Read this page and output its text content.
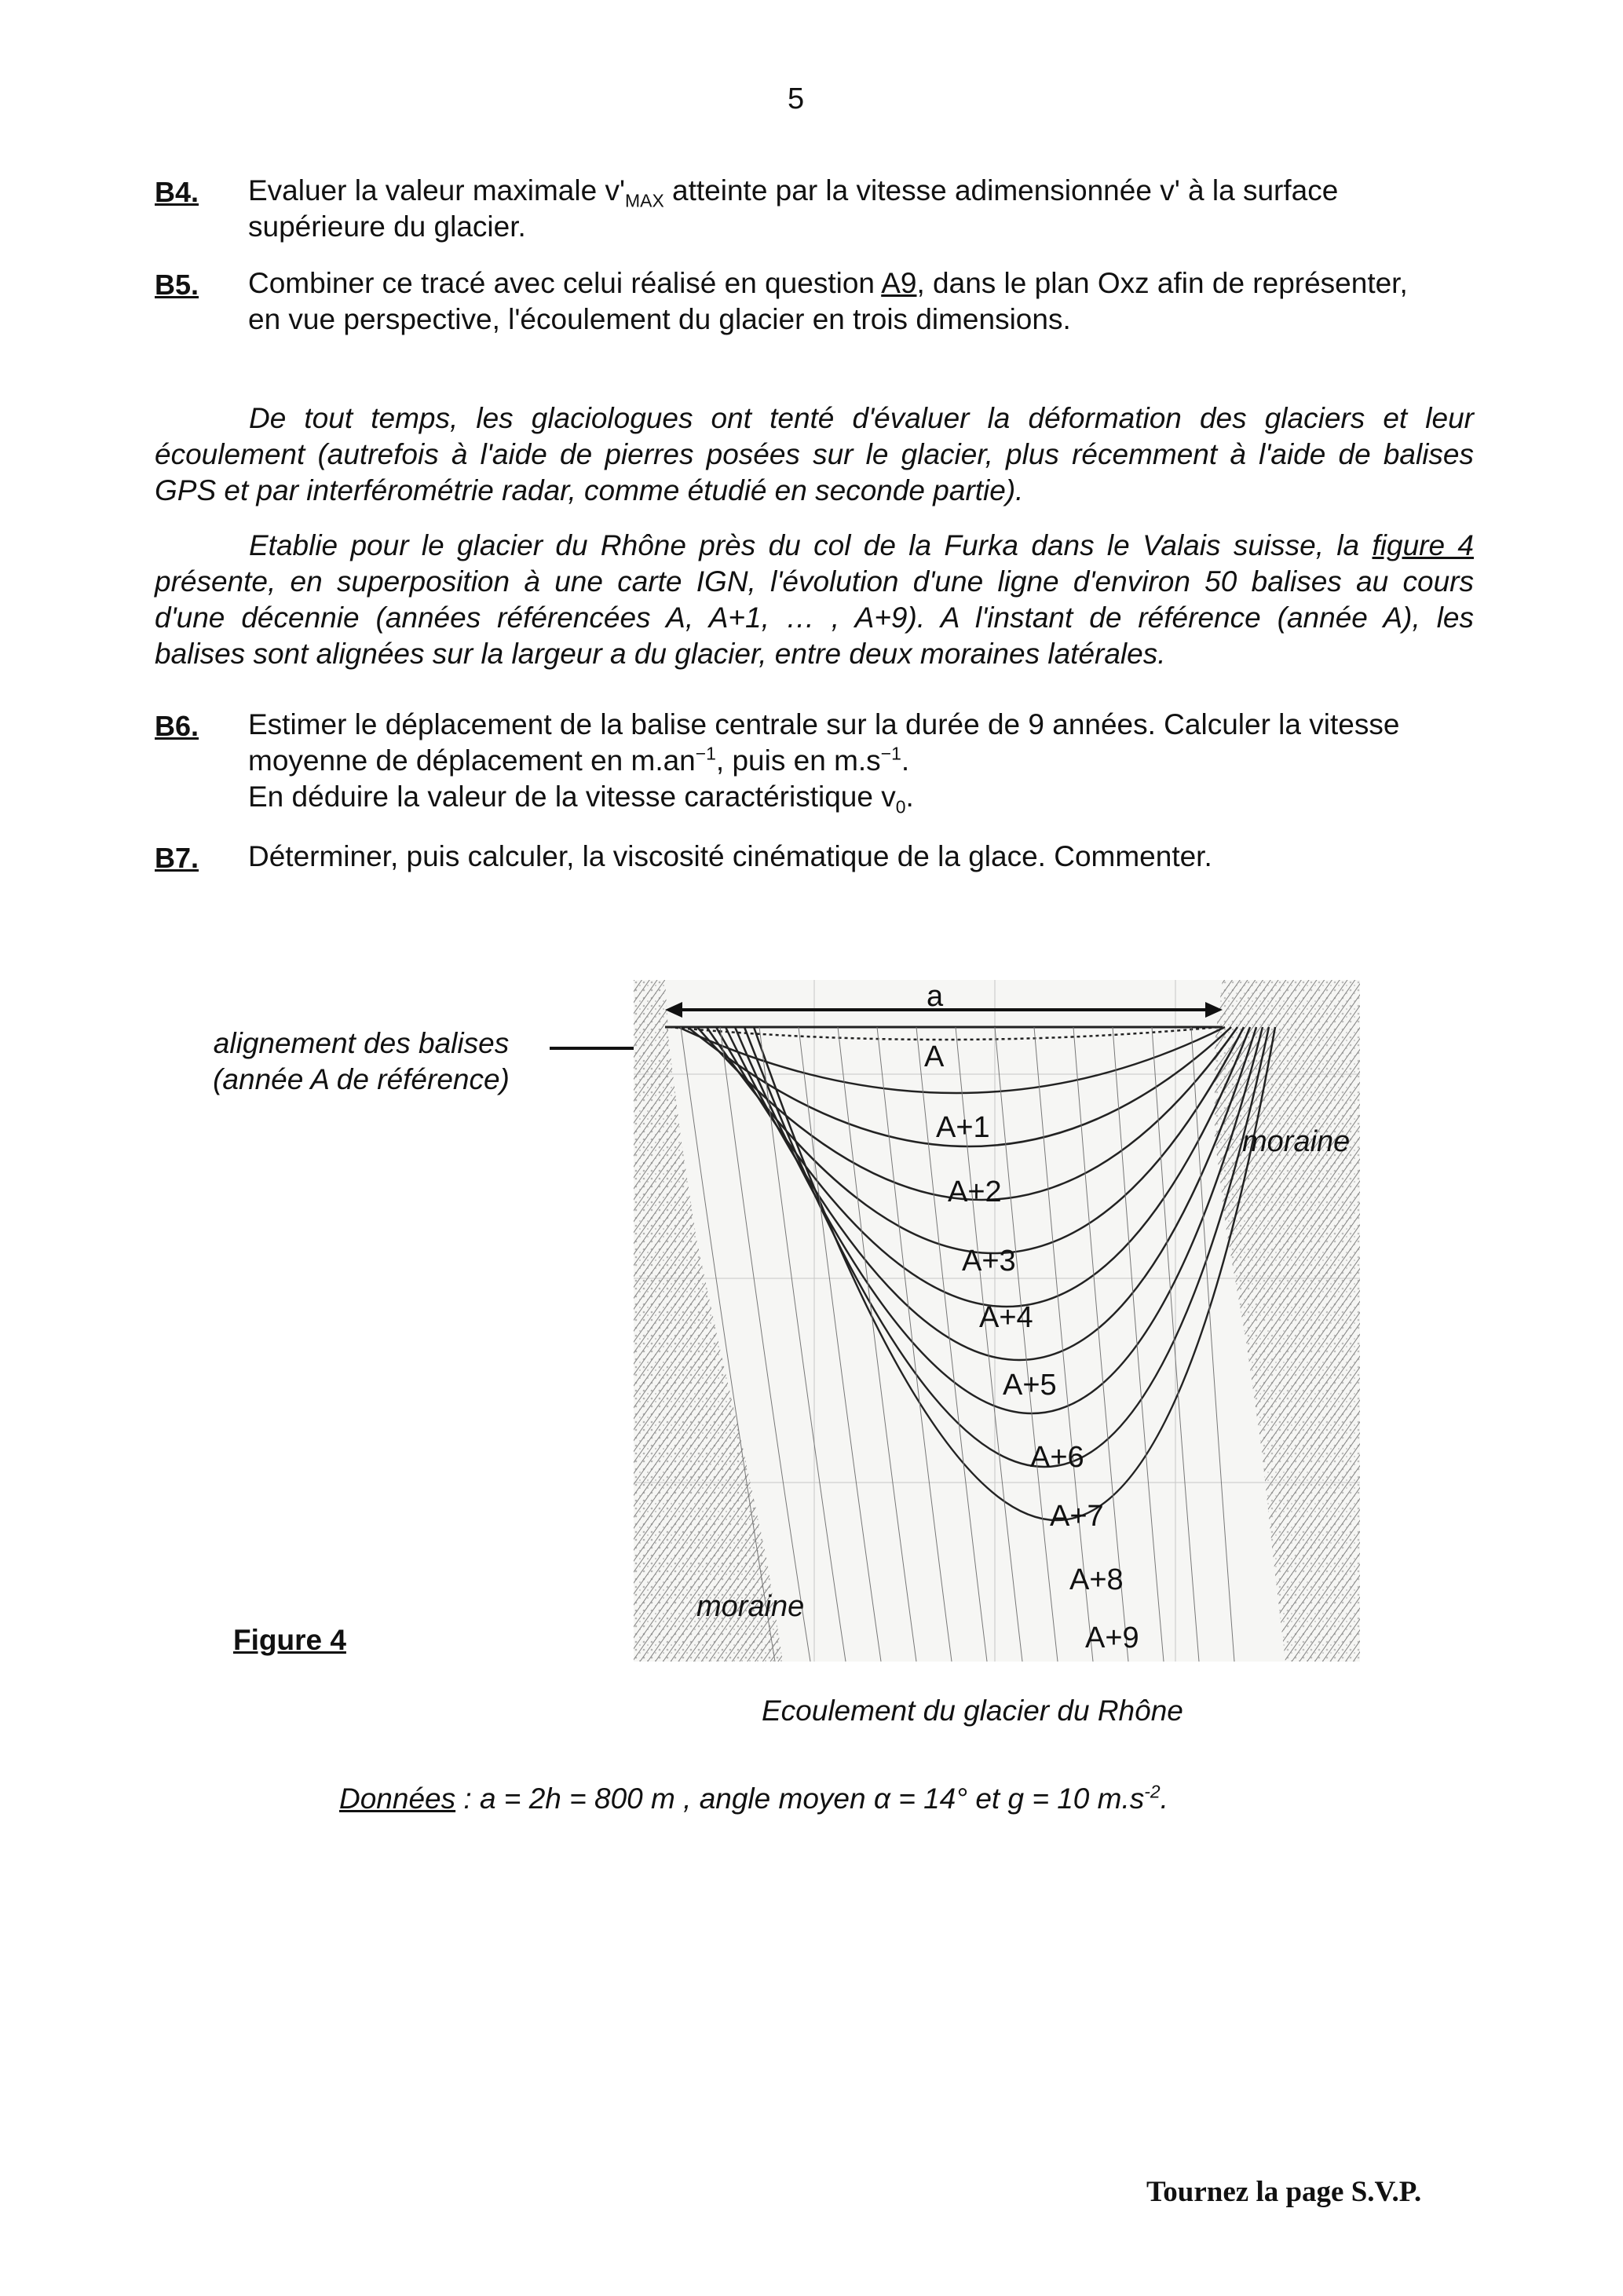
5
B4. Evaluer la valeur maximale $v'_{MAX}$ atteinte par la vitesse adimensionnée v' à la surface
supérieure du glacier.
B5. Combiner ce tracé avec celui réalisé en question A9, dans le plan Oxz afin de représenter,
en vue perspective, l'écoulement du glacier en trois dimensions.
De tout temps, les glaciologues ont tenté d'évaluer la déformation des glaciers et leur
écoulement (autrefois à l'aide de pierres posées sur le glacier, plus récemment à l'aide de balises
GPS et par interférométrie radar, comme étudié en seconde partie).
Etablie pour le glacier du Rhône près du col de la Furka dans le Valais suisse, la figure 4
présente, en superposition à une carte IGN, l'évolution d'une ligne d'environ 50 balises au cours
d'une décennie (années référencées A, A+1, … , A+9). A l'instant de référence (année A), les
balises sont alignées sur la largeur a du glacier, entre deux moraines latérales.
B6. Estimer le déplacement de la balise centrale sur la durée de 9 années. Calculer la vitesse
moyenne de déplacement en $m.an^{-1}$, puis en $m.s^{-1}$.
En déduire la valeur de la vitesse caractéristique $v_0$.
B7. Déterminer, puis calculer, la viscosité cinématique de la glace. Commenter.
alignement des balises
(année A de référence)
a
A
A+1
A+2
A+3
A+4
A+5
A+6
A+7
A+8
A+9
moraine
moraine
Figure 4
Ecoulement du glacier du Rhône
Données : a = 2h = 800 m , angle moyen α = 14° et g = 10 $m.s^{-2}$.
Tournez la page S.V.P.
